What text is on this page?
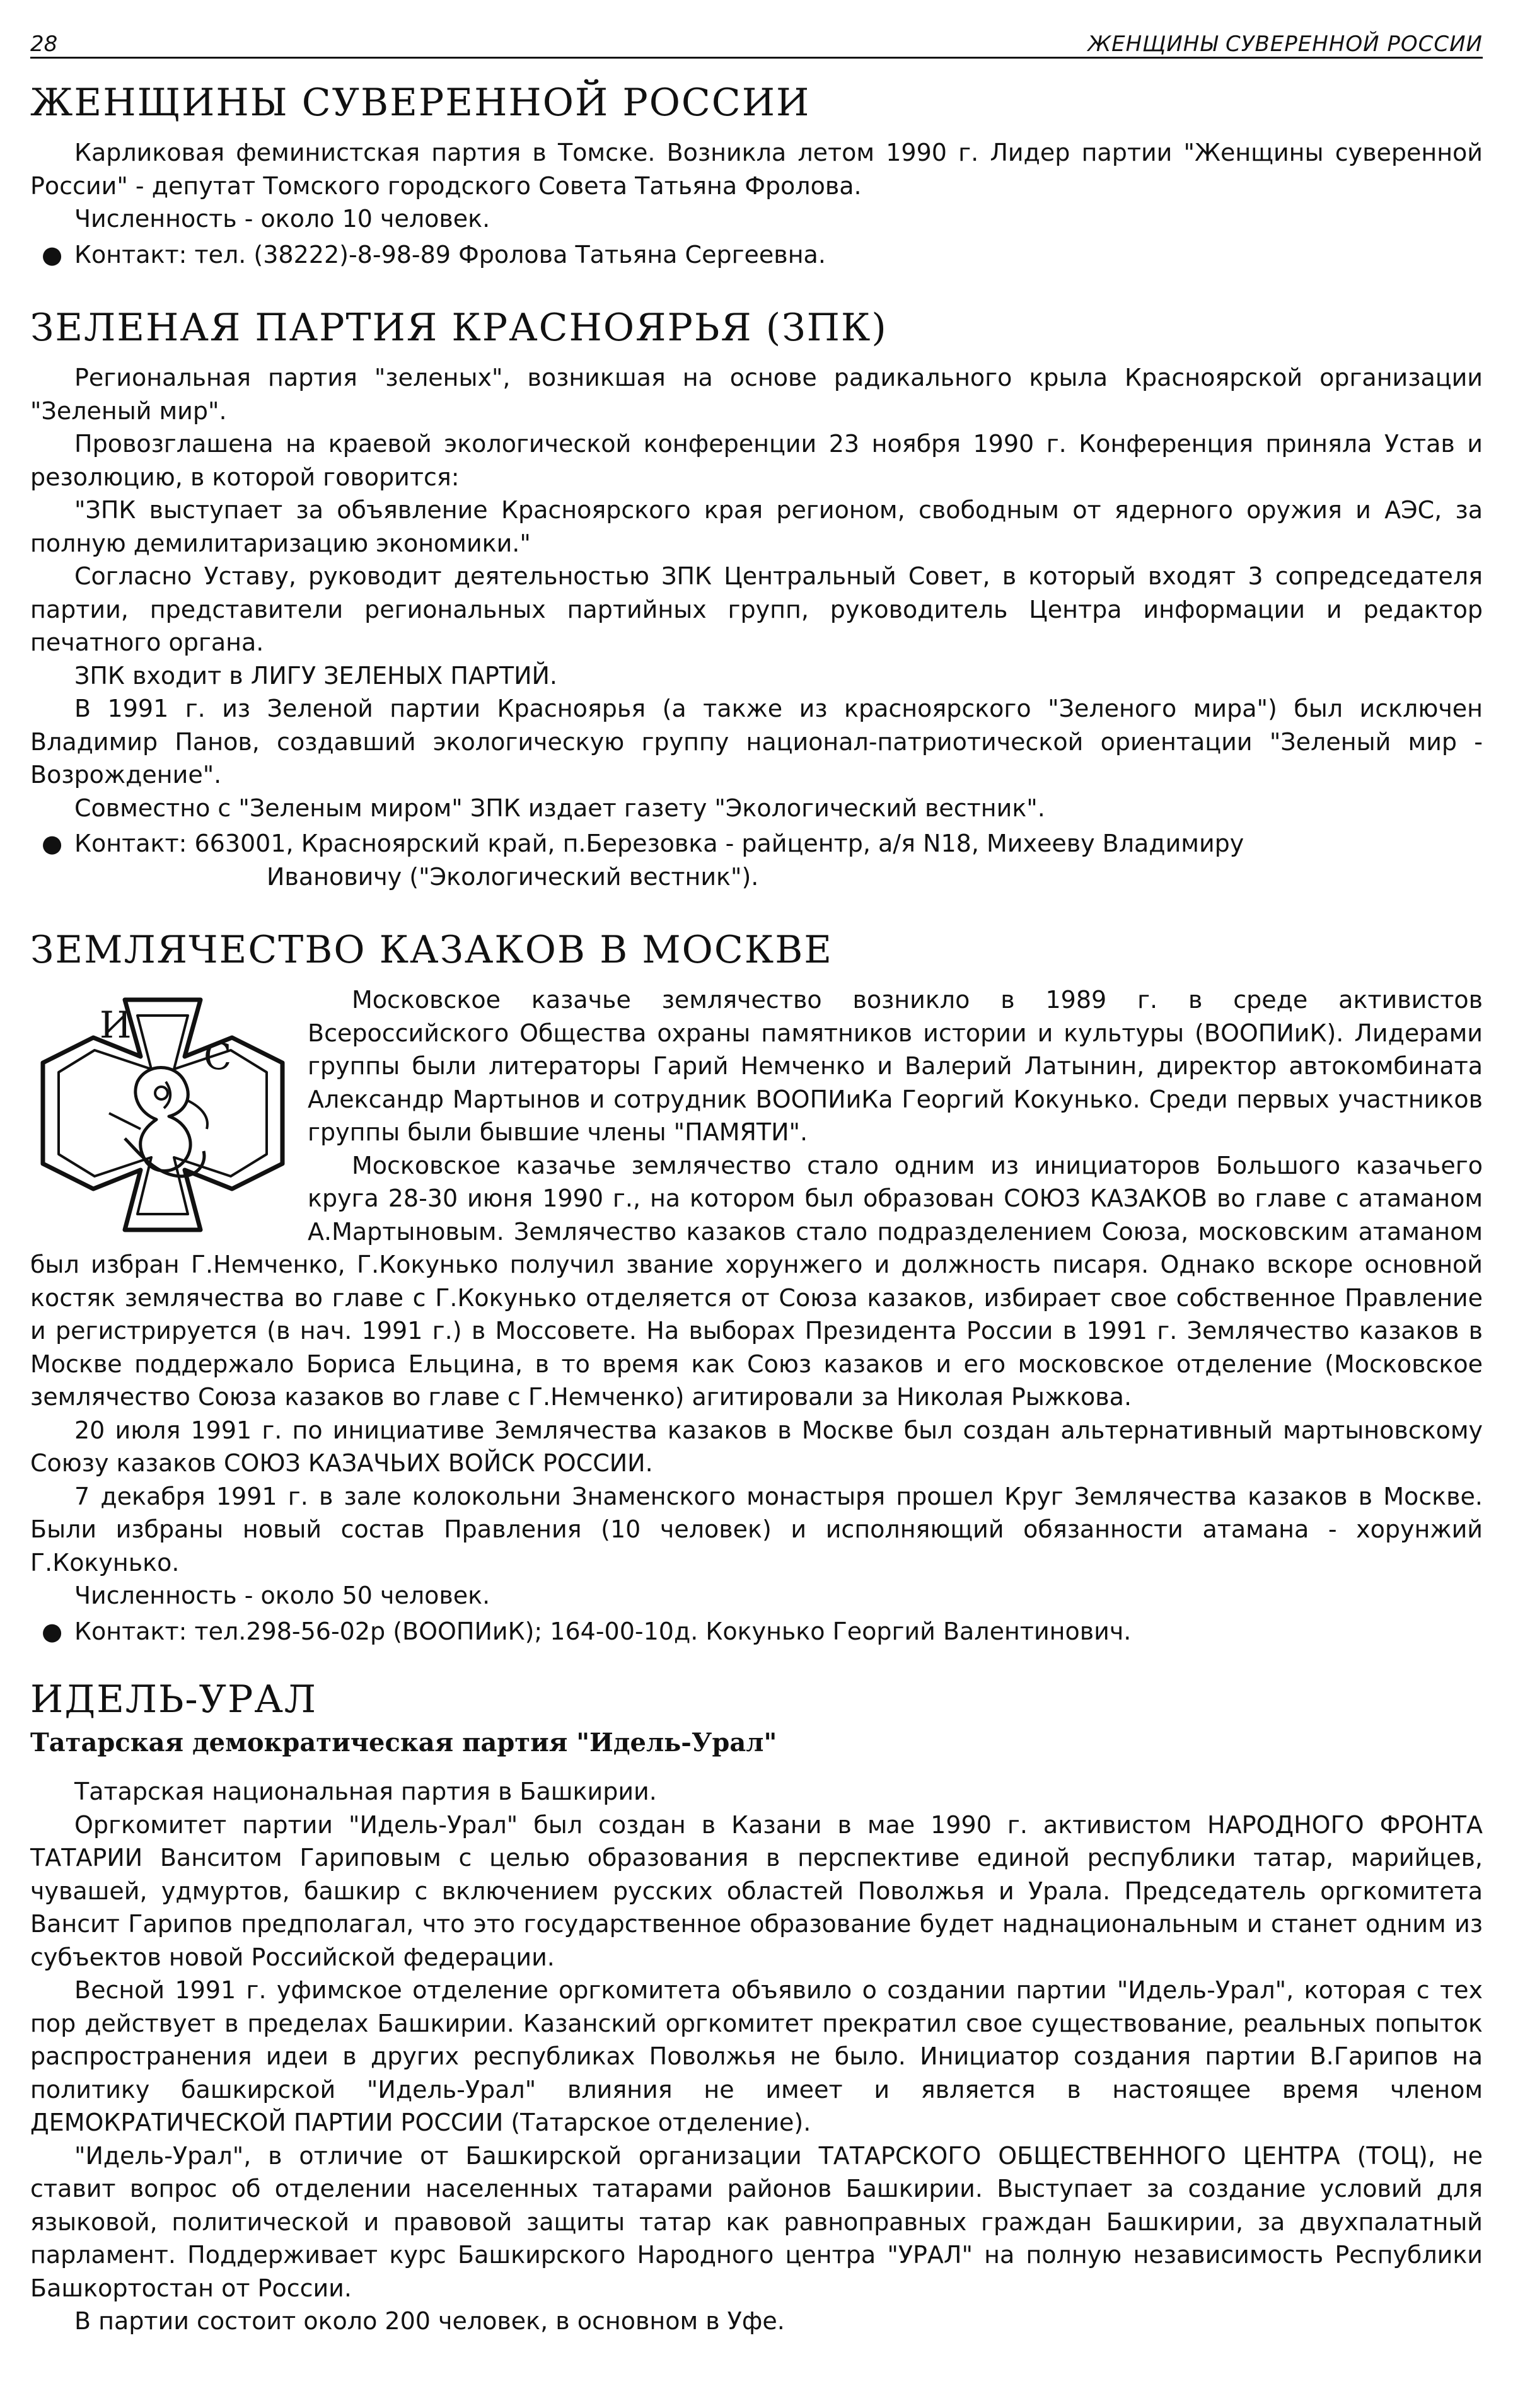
28	ЖЕНЩИНЫ СУВЕРЕННОЙ РОССИИ
ЖЕНЩИНЫ СУВЕРЕННОЙ РОССИИ

Карликовая феминистская партия в Томске. Возникла летом 1990 г. Лидер партии "Женщины суверенной России" - депутат Томского городского Совета Татьяна Фролова.

Численность - около 10 человек.

● Контакт: тел. (38222)-8-98-89 Фролова Татьяна Сергеевна.

ЗЕЛЕНАЯ ПАРТИЯ КРАСНОЯРЬЯ (ЗПК)

Региональная партия "зеленых", возникшая на основе радикального крыла Красноярской организации "Зеленый мир".

Провозглашена на краевой экологической конференции 23 ноября 1990 г. Конференция приняла Устав и резолюцию, в которой говорится:

"ЗПК выступает за объявление Красноярского края регионом, свободным от ядерного оружия и АЭС, за полную демилитаризацию экономики."

Согласно Уставу, руководит деятельностью ЗПК Центральный Совет, в который входят 3 сопредседателя партии, представители региональных партийных групп, руководитель Центра информации и редактор печатного органа.

ЗПК входит в ЛИГУ ЗЕЛЕНЫХ ПАРТИЙ.

В 1991 г. из Зеленой партии Красноярья (а также из красноярского "Зеленого мира") был исключен Владимир Панов, создавший экологическую группу национал-патриотической ориентации "Зеленый мир - Возрождение".

Совместно с "Зеленым миром" ЗПК издает газету "Экологический вестник".

● Контакт: 663001, Красноярский край, п.Березовка - райцентр, а/я N18, Михееву Владимиру
Ивановичу ("Экологический вестник").

ЗЕМЛЯЧЕСТВО КАЗАКОВ В МОСКВЕ
И
С

Московское казачье землячество возникло в 1989 г. в среде активистов Всероссийского Общества охраны памятников истории и культуры (ВООПИиК). Лидерами группы были литераторы Гарий Немченко и Валерий Латынин, директор автокомбината Александр Мартынов и сотрудник ВООПИиКа Георгий Кокунько. Среди первых участников группы были бывшие члены "ПАМЯТИ".

Московское казачье землячество стало одним из инициаторов Большого казачьего круга 28-30 июня 1990 г., на котором был образован СОЮЗ КАЗАКОВ во главе с атаманом А.Мартыновым. Землячество казаков стало подразделением Союза, московским атаманом был избран Г.Немченко, Г.Кокунько получил звание хорунжего и должность писаря. Однако вскоре основной костяк землячества во главе с Г.Кокунько отделяется от Союза казаков, избирает свое собственное Правление и регистрируется (в нач. 1991 г.) в Моссовете. На выборах Президента России в 1991 г. Землячество казаков в Москве поддержало Бориса Ельцина, в то время как Союз казаков и его московское отделение (Московское землячество Союза казаков во главе с Г.Немченко) агитировали за Николая Рыжкова.

20 июля 1991 г. по инициативе Землячества казаков в Москве был создан альтернативный мартыновскому Союзу казаков СОЮЗ КАЗАЧЬИХ ВОЙСК РОССИИ.

7 декабря 1991 г. в зале колокольни Знаменского монастыря прошел Круг Землячества казаков в Москве. Были избраны новый состав Правления (10 человек) и исполняющий обязанности атамана - хорунжий Г.Кокунько.

Численность - около 50 человек.

● Контакт: тел.298-56-02р (ВООПИиК); 164-00-10д. Кокунько Георгий Валентинович.

ИДЕЛЬ-УРАЛ
Татарская демократическая партия "Идель-Урал"

Татарская национальная партия в Башкирии.

Оргкомитет партии "Идель-Урал" был создан в Казани в мае 1990 г. активистом НАРОДНОГО ФРОНТА ТАТАРИИ Ванситом Гариповым с целью образования в перспективе единой республики татар, марийцев, чувашей, удмуртов, башкир с включением русских областей Поволжья и Урала. Председатель оргкомитета Вансит Гарипов предполагал, что это государственное образование будет наднациональным и станет одним из субъектов новой Российской федерации.

Весной 1991 г. уфимское отделение оргкомитета объявило о создании партии "Идель-Урал", которая с тех пор действует в пределах Башкирии. Казанский оргкомитет прекратил свое существование, реальных попыток распространения идеи в других республиках Поволжья не было. Инициатор создания партии В.Гарипов на политику башкирской "Идель-Урал" влияния не имеет и является в настоящее время членом ДЕМОКРАТИЧЕСКОЙ ПАРТИИ РОССИИ (Татарское отделение).

"Идель-Урал", в отличие от Башкирской организации ТАТАРСКОГО ОБЩЕСТВЕННОГО ЦЕНТРА (ТОЦ), не ставит вопрос об отделении населенных татарами районов Башкирии. Выступает за создание условий для языковой, политической и правовой защиты татар как равноправных граждан Башкирии, за двухпалатный парламент. Поддерживает курс Башкирского Народного центра "УРАЛ" на полную независимость Республики Башкортостан от России.

В партии состоит около 200 человек, в основном в Уфе.
